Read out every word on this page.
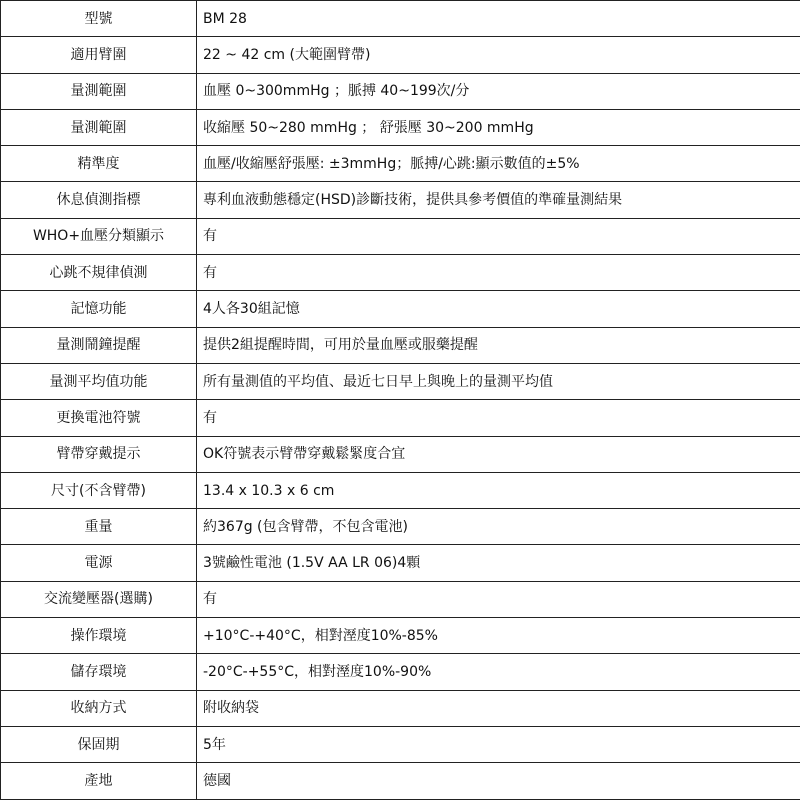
型號	BM 28
適用臂圍	22 ~ 42 cm (大範圍臂帶)
量測範圍	血壓 0~300mmHg ；脈搏 40~199次/分
量測範圍	收縮壓 50~280 mmHg ； 舒張壓 30~200 mmHg
精準度	血壓/收縮壓舒張壓: ±3mmHg；脈搏/心跳:顯示數值的±5%
休息偵測指標	專利血液動態穩定(HSD)診斷技術，提供具參考價值的準確量測結果
WHO+血壓分類顯示	有
心跳不規律偵測	有
記憶功能	4人各30組記憶
量測鬧鐘提醒	提供2組提醒時間，可用於量血壓或服藥提醒
量測平均值功能	所有量測值的平均值、最近七日早上與晚上的量測平均值
更換電池符號	有
臂帶穿戴提示	OK符號表示臂帶穿戴鬆緊度合宜
尺寸(不含臂帶)	13.4 x 10.3 x 6 cm
重量	約367g (包含臂帶，不包含電池)
電源	3號鹼性電池 (1.5V AA LR 06)4顆
交流變壓器(選購)	有
操作環境	+10°C-+40°C，相對溼度10%-85%
儲存環境	-20°C-+55°C，相對溼度10%-90%
收納方式	附收納袋
保固期	5年
產地	德國
